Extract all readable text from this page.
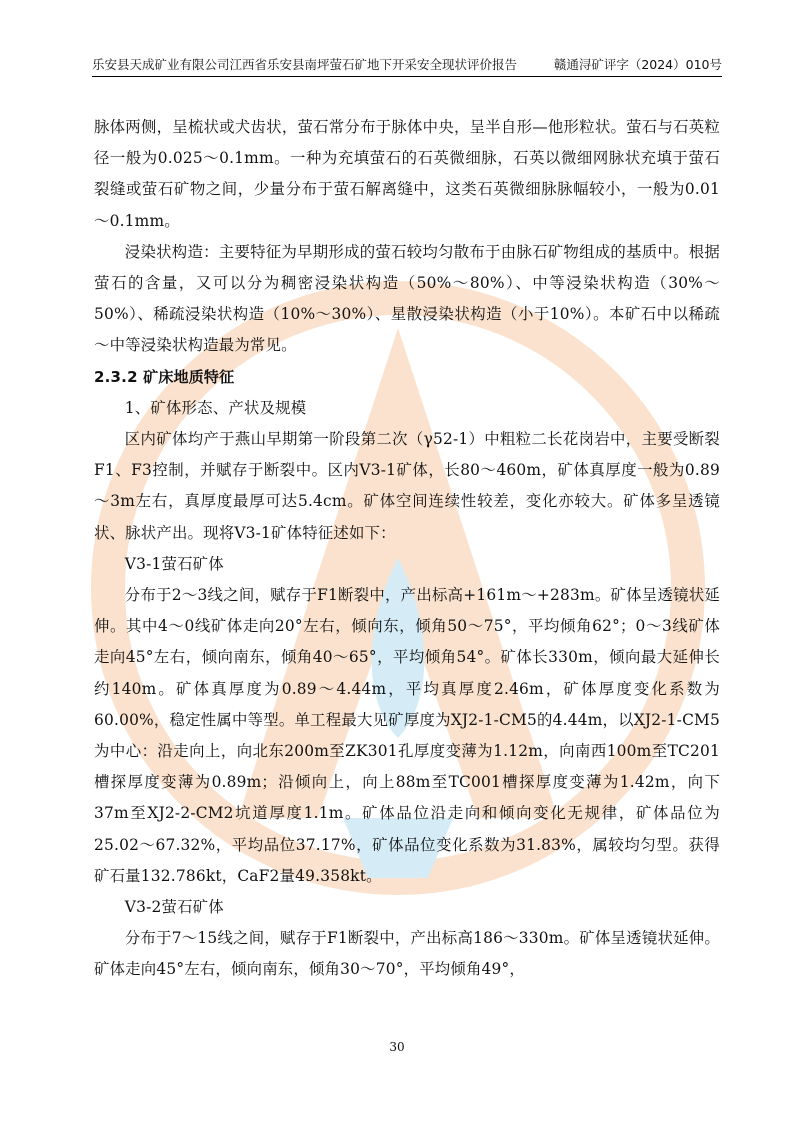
乐安县天成矿业有限公司江西省乐安县南坪萤石矿地下开采安全现状评价报告	赣通浔矿评字（2024）010号

脉体两侧，呈梳状或犬齿状，萤石常分布于脉体中央，呈半自形—他形粒状。萤石与石英粒径一般为0.025～0.1mm。一种为充填萤石的石英微细脉，石英以微细网脉状充填于萤石裂缝或萤石矿物之间，少量分布于萤石解离缝中，这类石英微细脉脉幅较小，一般为0.01～0.1mm。

浸染状构造：主要特征为早期形成的萤石较均匀散布于由脉石矿物组成的基质中。根据萤石的含量，又可以分为稠密浸染状构造（50%～80%）、中等浸染状构造（30%～50%）、稀疏浸染状构造（10%～30%）、星散浸染状构造（小于10%）。本矿石中以稀疏～中等浸染状构造最为常见。

2.3.2 矿床地质特征

1、矿体形态、产状及规模

区内矿体均产于燕山早期第一阶段第二次（γ52-1）中粗粒二长花岗岩中，主要受断裂F1、F3控制，并赋存于断裂中。区内V3-1矿体，长80～460m，矿体真厚度一般为0.89～3m左右，真厚度最厚可达5.4cm。矿体空间连续性较差，变化亦较大。矿体多呈透镜状、脉状产出。现将V3-1矿体特征述如下：

V3-1萤石矿体

分布于2～3线之间，赋存于F1断裂中，产出标高+161m～+283m。矿体呈透镜状延伸。其中4～0线矿体走向20°左右，倾向东，倾角50～75°，平均倾角62°；0～3线矿体走向45°左右，倾向南东，倾角40～65°，平均倾角54°。矿体长330m，倾向最大延伸长约140m。矿体真厚度为0.89～4.44m，平均真厚度2.46m，矿体厚度变化系数为60.00%，稳定性属中等型。单工程最大见矿厚度为XJ2-1-CM5的4.44m，以XJ2-1-CM5为中心：沿走向上，向北东200m至ZK301孔厚度变薄为1.12m，向南西100m至TC201槽探厚度变薄为0.89m；沿倾向上，向上88m至TC001槽探厚度变薄为1.42m，向下37m至XJ2-2-CM2坑道厚度1.1m。矿体品位沿走向和倾向变化无规律，矿体品位为25.02～67.32%，平均品位37.17%，矿体品位变化系数为31.83%，属较均匀型。获得矿石量132.786kt，CaF2量49.358kt。

V3-2萤石矿体

分布于7～15线之间，赋存于F1断裂中，产出标高186～330m。矿体呈透镜状延伸。矿体走向45°左右，倾向南东，倾角30～70°，平均倾角49°，

30
